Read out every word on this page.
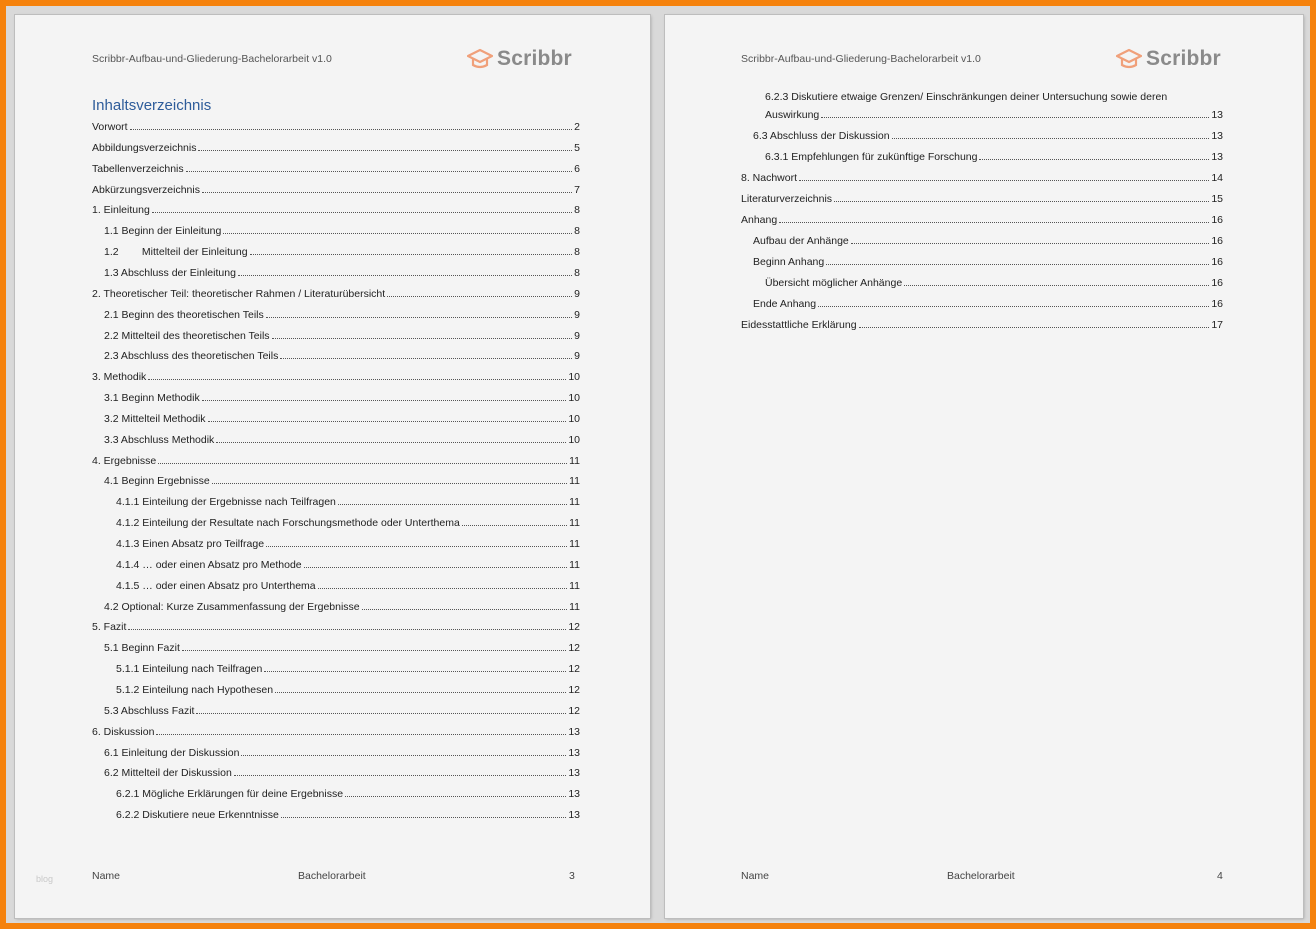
Scribbr-Aufbau-und-Gliederung-Bachelorarbeit v1.0	Scribbr
Inhaltsverzeichnis
Vorwort	2
Abbildungsverzeichnis	5
Tabellenverzeichnis	6
Abkürzungsverzeichnis	7
1. Einleitung	8
1.1 Beginn der Einleitung	8
1.2        Mittelteil der Einleitung	8
1.3 Abschluss der Einleitung	8
2. Theoretischer Teil: theoretischer Rahmen / Literaturübersicht	9
2.1 Beginn des theoretischen Teils	9
2.2 Mittelteil des theoretischen Teils	9
2.3 Abschluss des theoretischen Teils	9
3. Methodik	10
3.1 Beginn Methodik	10
3.2 Mittelteil Methodik	10
3.3 Abschluss Methodik	10
4. Ergebnisse	11
4.1 Beginn Ergebnisse	11
4.1.1 Einteilung der Ergebnisse nach Teilfragen	11
4.1.2 Einteilung der Resultate nach Forschungsmethode oder Unterthema	11
4.1.3 Einen Absatz pro Teilfrage	11
4.1.4 … oder einen Absatz pro Methode	11
4.1.5 … oder einen Absatz pro Unterthema	11
4.2 Optional: Kurze Zusammenfassung der Ergebnisse	11
5. Fazit	12
5.1 Beginn Fazit	12
5.1.1 Einteilung nach Teilfragen	12
5.1.2 Einteilung nach Hypothesen	12
5.3 Abschluss Fazit	12
6. Diskussion	13
6.1 Einleitung der Diskussion	13
6.2 Mittelteil der Diskussion	13
6.2.1 Mögliche Erklärungen für deine Ergebnisse	13
6.2.2 Diskutiere neue Erkenntnisse	13
Name	Bachelorarbeit	3
blog
Scribbr-Aufbau-und-Gliederung-Bachelorarbeit v1.0	Scribbr
6.2.3 Diskutiere etwaige Grenzen/ Einschränkungen deiner Untersuchung sowie deren
Auswirkung	13
6.3 Abschluss der Diskussion	13
6.3.1 Empfehlungen für zukünftige Forschung	13
8. Nachwort	14
Literaturverzeichnis	15
Anhang	16
Aufbau der Anhänge	16
Beginn Anhang	16
Übersicht möglicher Anhänge	16
Ende Anhang	16
Eidesstattliche Erklärung	17
Name	Bachelorarbeit	4
